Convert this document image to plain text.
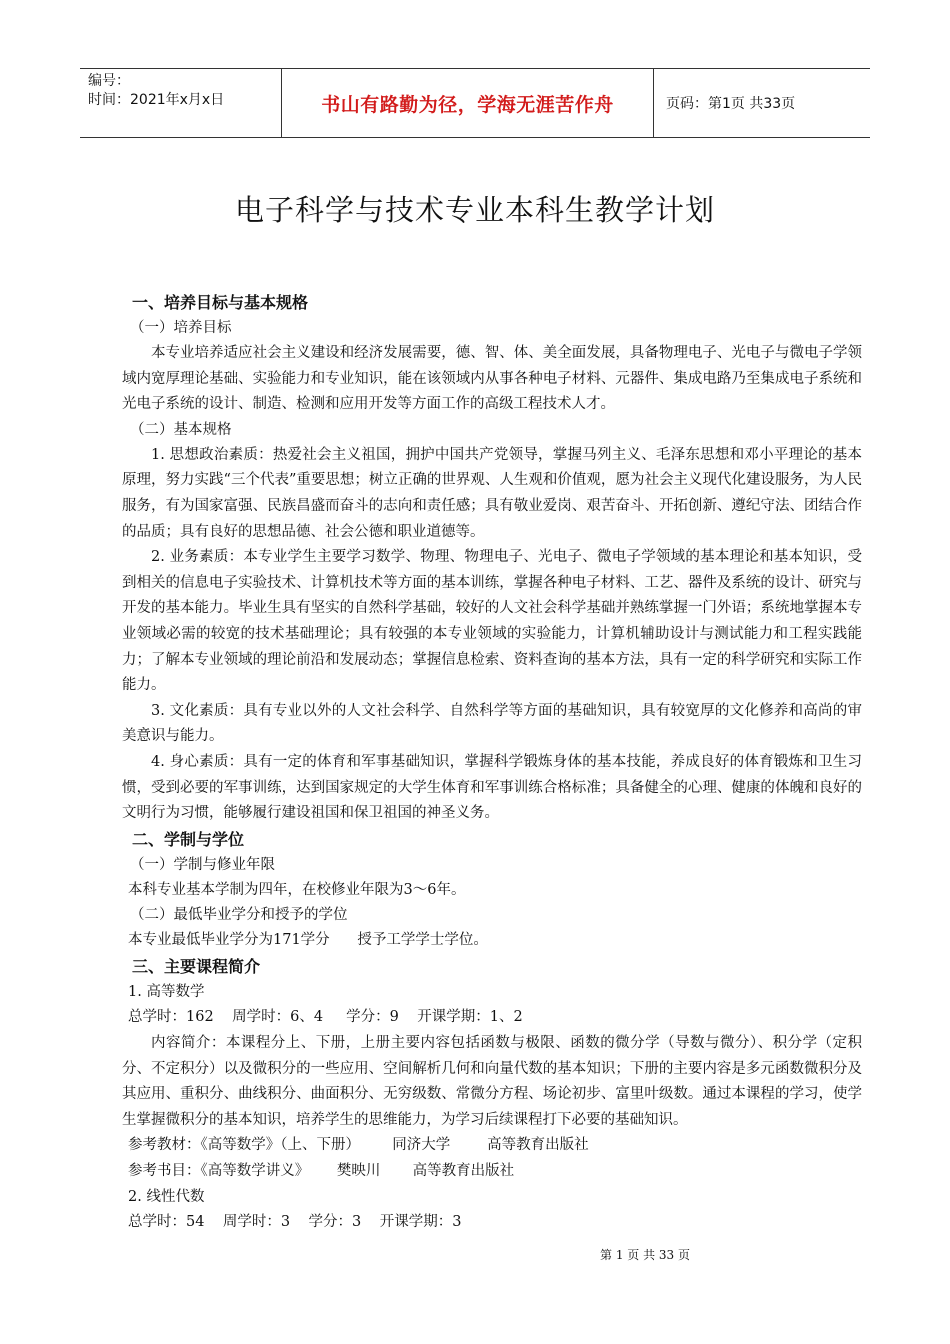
编号：
时间：2021年x月x日	书山有路勤为径，学海无涯苦作舟	页码：第1页 共33页
电子科学与技术专业本科生教学计划
一、培养目标与基本规格
（一）培养目标

本专业培养适应社会主义建设和经济发展需要，德、智、体、美全面发展，具备物理电子、光电子与微电子学领域内宽厚理论基础、实验能力和专业知识，能在该领域内从事各种电子材料、元器件、集成电路乃至集成电子系统和光电子系统的设计、制造、检测和应用开发等方面工作的高级工程技术人才。

（二）基本规格

1. 思想政治素质：热爱社会主义祖国，拥护中国共产党领导，掌握马列主义、毛泽东思想和邓小平理论的基本原理，努力实践“三个代表”重要思想；树立正确的世界观、人生观和价值观，愿为社会主义现代化建设服务，为人民服务，有为国家富强、民族昌盛而奋斗的志向和责任感；具有敬业爱岗、艰苦奋斗、开拓创新、遵纪守法、团结合作的品质；具有良好的思想品德、社会公德和职业道德等。

2. 业务素质：本专业学生主要学习数学、物理、物理电子、光电子、微电子学领域的基本理论和基本知识，受到相关的信息电子实验技术、计算机技术等方面的基本训练，掌握各种电子材料、工艺、器件及系统的设计、研究与开发的基本能力。毕业生具有坚实的自然科学基础，较好的人文社会科学基础并熟练掌握一门外语；系统地掌握本专业领域必需的较宽的技术基础理论；具有较强的本专业领域的实验能力，计算机辅助设计与测试能力和工程实践能力；了解本专业领域的理论前沿和发展动态；掌握信息检索、资料查询的基本方法，具有一定的科学研究和实际工作能力。

3. 文化素质：具有专业以外的人文社会科学、自然科学等方面的基础知识，具有较宽厚的文化修养和高尚的审美意识与能力。

4. 身心素质：具有一定的体育和军事基础知识，掌握科学锻炼身体的基本技能，养成良好的体育锻炼和卫生习惯，受到必要的军事训练，达到国家规定的大学生体育和军事训练合格标准；具备健全的心理、健康的体魄和良好的文明行为习惯，能够履行建设祖国和保卫祖国的神圣义务。

二、学制与学位
（一）学制与修业年限
本科专业基本学制为四年，在校修业年限为3～6年。
（二）最低毕业学分和授予的学位
本专业最低毕业学分为171学分      授予工学学士学位。
三、主要课程简介
1. 高等数学
总学时：162    周学时：6、4     学分：9    开课学期：1、2

内容简介：本课程分上、下册，上册主要内容包括函数与极限、函数的微分学（导数与微分）、积分学（定积分、不定积分）以及微积分的一些应用、空间解析几何和向量代数的基本知识；下册的主要内容是多元函数微积分及其应用、重积分、曲线积分、曲面积分、无穷级数、常微分方程、场论初步、富里叶级数。通过本课程的学习，使学生掌握微积分的基本知识，培养学生的思维能力，为学习后续课程打下必要的基础知识。

参考教材：《高等数学》（上、下册）       同济大学        高等教育出版社
参考书目：《高等数学讲义》      樊映川       高等教育出版社
2. 线性代数
总学时：54    周学时：3    学分：3    开课学期：3
第 1 页 共 33 页
